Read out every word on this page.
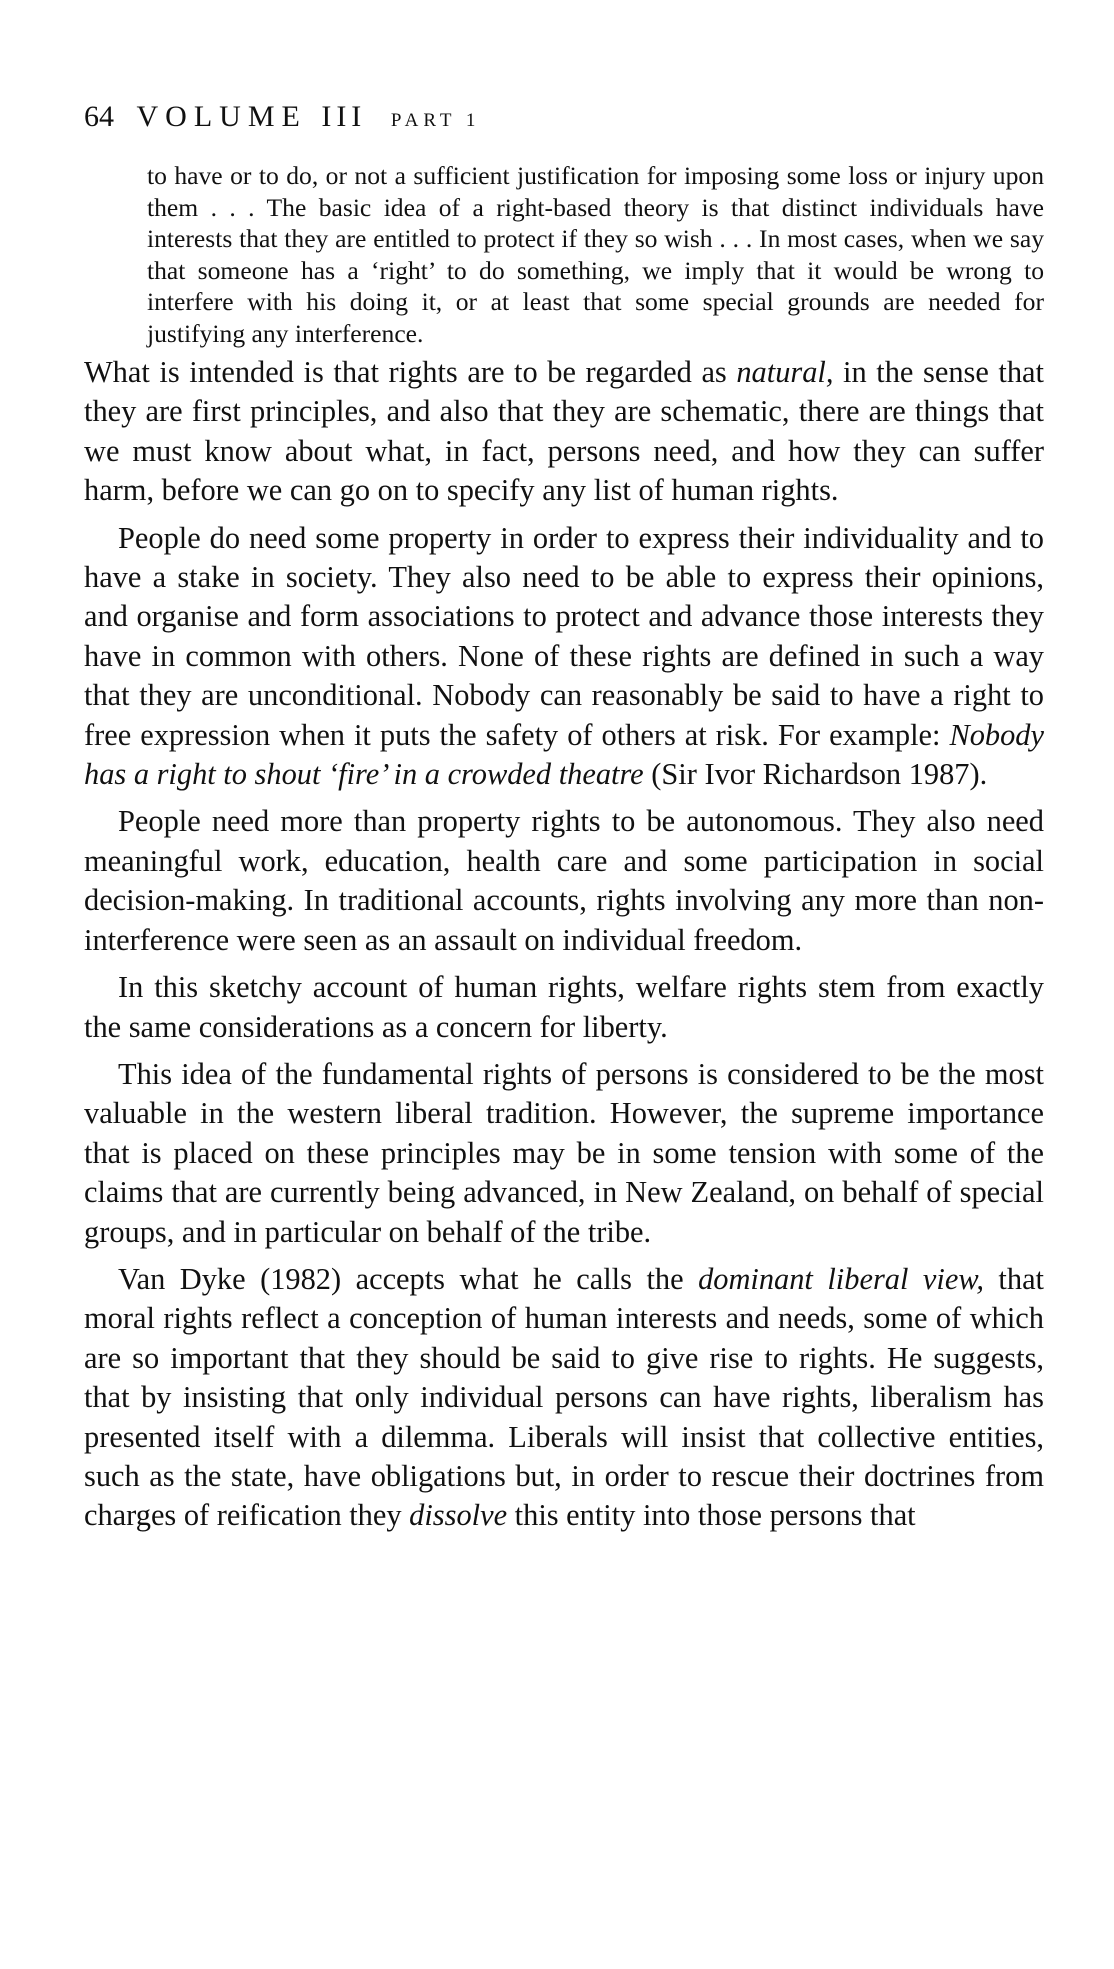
64 VOLUME III PART 1
to have or to do, or not a sufficient justification for imposing some loss or injury upon them . . . The basic idea of a right-based theory is that distinct individuals have interests that they are entitled to protect if they so wish . . . In most cases, when we say that someone has a ‘right’ to do something, we imply that it would be wrong to interfere with his doing it, or at least that some special grounds are needed for justifying any interference.

What is intended is that rights are to be regarded as natural, in the sense that they are first principles, and also that they are schematic, there are things that we must know about what, in fact, persons need, and how they can suffer harm, before we can go on to specify any list of human rights.

People do need some property in order to express their individuality and to have a stake in society. They also need to be able to express their opinions, and organise and form associations to protect and advance those interests they have in common with others. None of these rights are defined in such a way that they are unconditional. Nobody can reasonably be said to have a right to free expression when it puts the safety of others at risk. For example: Nobody has a right to shout ‘fire’ in a crowded theatre (Sir Ivor Richardson 1987).

People need more than property rights to be autonomous. They also need meaningful work, education, health care and some participation in social decision-making. In traditional accounts, rights involving any more than non-interference were seen as an assault on individual freedom.

In this sketchy account of human rights, welfare rights stem from exactly the same considerations as a concern for liberty.

This idea of the fundamental rights of persons is considered to be the most valuable in the western liberal tradition. However, the supreme importance that is placed on these principles may be in some tension with some of the claims that are currently being advanced, in New Zealand, on behalf of special groups, and in particular on behalf of the tribe.

Van Dyke (1982) accepts what he calls the dominant liberal view, that moral rights reflect a conception of human interests and needs, some of which are so important that they should be said to give rise to rights. He suggests, that by insisting that only individual persons can have rights, liberalism has presented itself with a dilemma. Liberals will insist that collective entities, such as the state, have obligations but, in order to rescue their doctrines from charges of reification they dissolve this entity into those persons that
